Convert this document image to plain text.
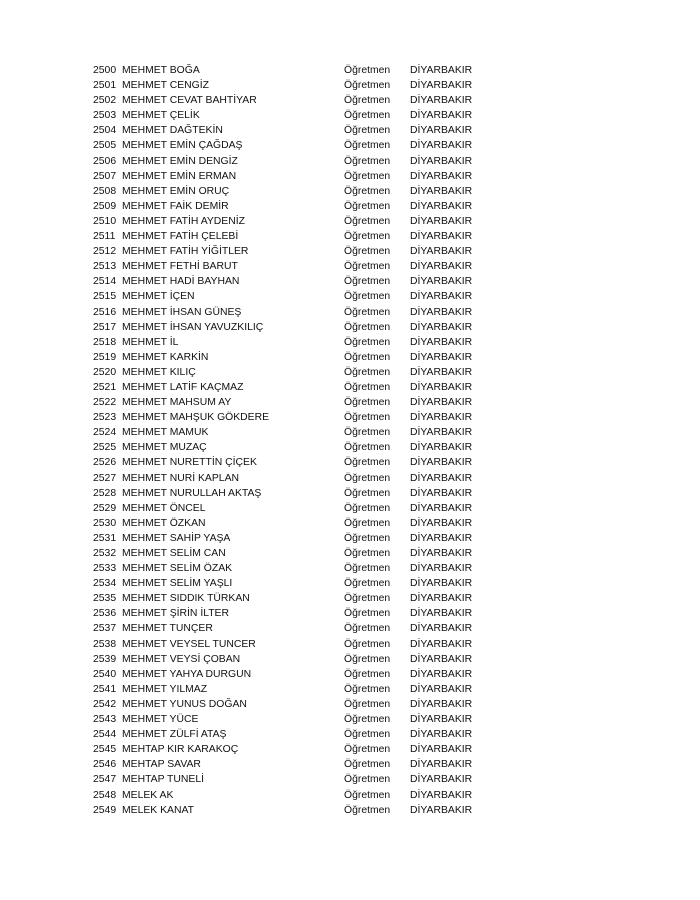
2500 MEHMET BOĞA	Öğretmen DİYARBAKIR
2501 MEHMET CENGİZ	Öğretmen DİYARBAKIR
2502 MEHMET CEVAT BAHTİYAR	Öğretmen DİYARBAKIR
2503 MEHMET ÇELİK	Öğretmen DİYARBAKIR
2504 MEHMET DAĞTEKİN	Öğretmen DİYARBAKIR
2505 MEHMET EMİN ÇAĞDAŞ	Öğretmen DİYARBAKIR
2506 MEHMET EMİN DENGİZ	Öğretmen DİYARBAKIR
2507 MEHMET EMİN ERMAN	Öğretmen DİYARBAKIR
2508 MEHMET EMİN ORUÇ	Öğretmen DİYARBAKIR
2509 MEHMET FAİK DEMİR	Öğretmen DİYARBAKIR
2510 MEHMET FATİH AYDENİZ	Öğretmen DİYARBAKIR
2511 MEHMET FATİH ÇELEBİ	Öğretmen DİYARBAKIR
2512 MEHMET FATİH YİĞİTLER	Öğretmen DİYARBAKIR
2513 MEHMET FETHİ BARUT	Öğretmen DİYARBAKIR
2514 MEHMET HADİ BAYHAN	Öğretmen DİYARBAKIR
2515 MEHMET İÇEN	Öğretmen DİYARBAKIR
2516 MEHMET İHSAN GÜNEŞ	Öğretmen DİYARBAKIR
2517 MEHMET İHSAN YAVUZKILIÇ	Öğretmen DİYARBAKIR
2518 MEHMET İL	Öğretmen DİYARBAKIR
2519 MEHMET KARKİN	Öğretmen DİYARBAKIR
2520 MEHMET KILIÇ	Öğretmen DİYARBAKIR
2521 MEHMET LATİF KAÇMAZ	Öğretmen DİYARBAKIR
2522 MEHMET MAHSUM AY	Öğretmen DİYARBAKIR
2523 MEHMET MAHŞUK GÖKDERE	Öğretmen DİYARBAKIR
2524 MEHMET MAMUK	Öğretmen DİYARBAKIR
2525 MEHMET MUZAÇ	Öğretmen DİYARBAKIR
2526 MEHMET NURETTİN ÇİÇEK	Öğretmen DİYARBAKIR
2527 MEHMET NURİ KAPLAN	Öğretmen DİYARBAKIR
2528 MEHMET NURULLAH AKTAŞ	Öğretmen DİYARBAKIR
2529 MEHMET ÖNCEL	Öğretmen DİYARBAKIR
2530 MEHMET ÖZKAN	Öğretmen DİYARBAKIR
2531 MEHMET SAHİP YAŞA	Öğretmen DİYARBAKIR
2532 MEHMET SELİM CAN	Öğretmen DİYARBAKIR
2533 MEHMET SELİM ÖZAK	Öğretmen DİYARBAKIR
2534 MEHMET SELİM YAŞLI	Öğretmen DİYARBAKIR
2535 MEHMET SIDDIK TÜRKAN	Öğretmen DİYARBAKIR
2536 MEHMET ŞİRİN İLTER	Öğretmen DİYARBAKIR
2537 MEHMET TUNÇER	Öğretmen DİYARBAKIR
2538 MEHMET VEYSEL TUNCER	Öğretmen DİYARBAKIR
2539 MEHMET VEYSİ ÇOBAN	Öğretmen DİYARBAKIR
2540 MEHMET YAHYA DURGUN	Öğretmen DİYARBAKIR
2541 MEHMET YILMAZ	Öğretmen DİYARBAKIR
2542 MEHMET YUNUS DOĞAN	Öğretmen DİYARBAKIR
2543 MEHMET YÜCE	Öğretmen DİYARBAKIR
2544 MEHMET ZÜLFİ ATAŞ	Öğretmen DİYARBAKIR
2545 MEHTAP KIR KARAKOÇ	Öğretmen DİYARBAKIR
2546 MEHTAP SAVAR	Öğretmen DİYARBAKIR
2547 MEHTAP TUNELİ	Öğretmen DİYARBAKIR
2548 MELEK AK	Öğretmen DİYARBAKIR
2549 MELEK KANAT	Öğretmen DİYARBAKIR
